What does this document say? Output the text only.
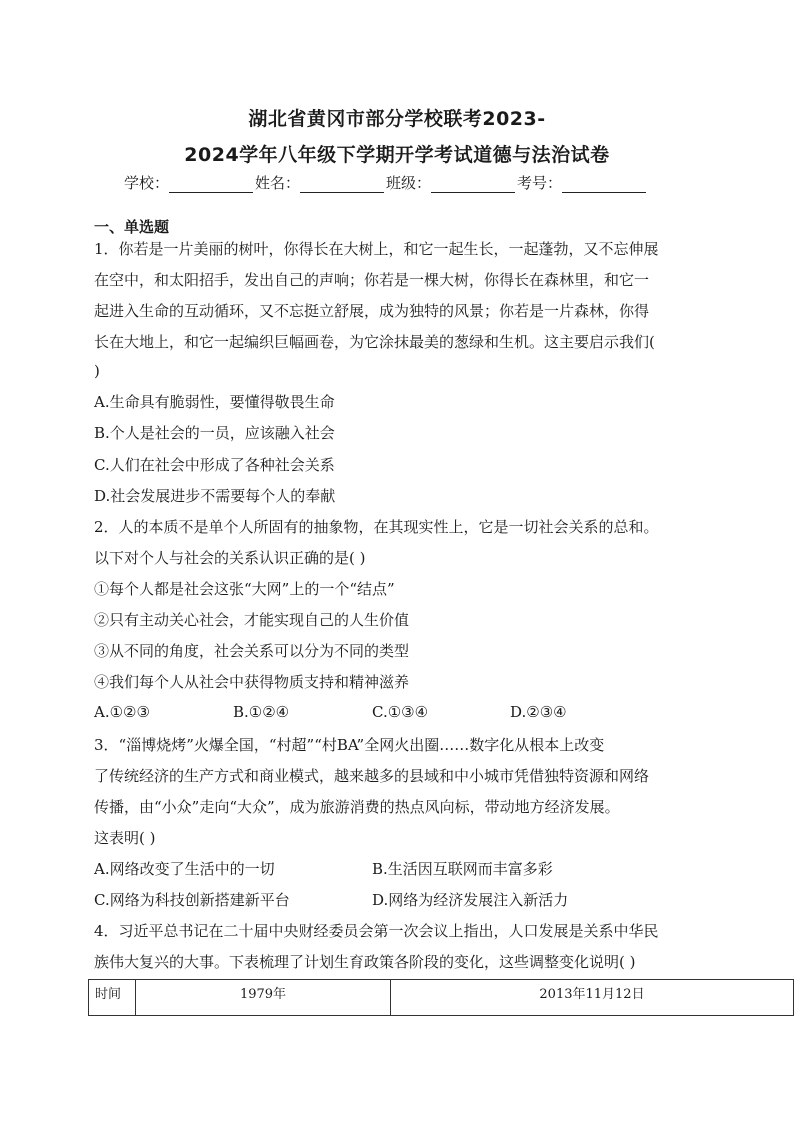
湖北省黄冈市部分学校联考2023-
2024学年八年级下学期开学考试道德与法治试卷
学校：	姓名：	班级：	考号：
一、单选题
1．你若是一片美丽的树叶，你得长在大树上，和它一起生长，一起蓬勃，又不忘伸展
在空中，和太阳招手，发出自己的声响；你若是一棵大树，你得长在森林里，和它一
起进入生命的互动循环，又不忘挺立舒展，成为独特的风景；你若是一片森林，你得
长在大地上，和它一起编织巨幅画卷，为它涂抹最美的葱绿和生机。这主要启示我们(
)
A.生命具有脆弱性，要懂得敬畏生命
B.个人是社会的一员，应该融入社会
C.人们在社会中形成了各种社会关系
D.社会发展进步不需要每个人的奉献
2．人的本质不是单个人所固有的抽象物，在其现实性上，它是一切社会关系的总和。
以下对个人与社会的关系认识正确的是( )
①每个人都是社会这张“大网”上的一个“结点”
②只有主动关心社会，才能实现自己的人生价值
③从不同的角度，社会关系可以分为不同的类型
④我们每个人从社会中获得物质支持和精神滋养
A.①②③	B.①②④	C.①③④	D.②③④
3．“淄博烧烤”火爆全国，“村超”“村BA”全网火出圈……数字化从根本上改变
了传统经济的生产方式和商业模式，越来越多的县域和中小城市凭借独特资源和网络
传播，由“小众”走向“大众”，成为旅游消费的热点风向标，带动地方经济发展。
这表明( )
A.网络改变了生活中的一切	B.生活因互联网而丰富多彩
C.网络为科技创新搭建新平台	D.网络为经济发展注入新活力
4．习近平总书记在二十届中央财经委员会第一次会议上指出，人口发展是关系中华民
族伟大复兴的大事。下表梳理了计划生育政策各阶段的变化，这些调整变化说明( )
时间	1979年	2013年11月12日
